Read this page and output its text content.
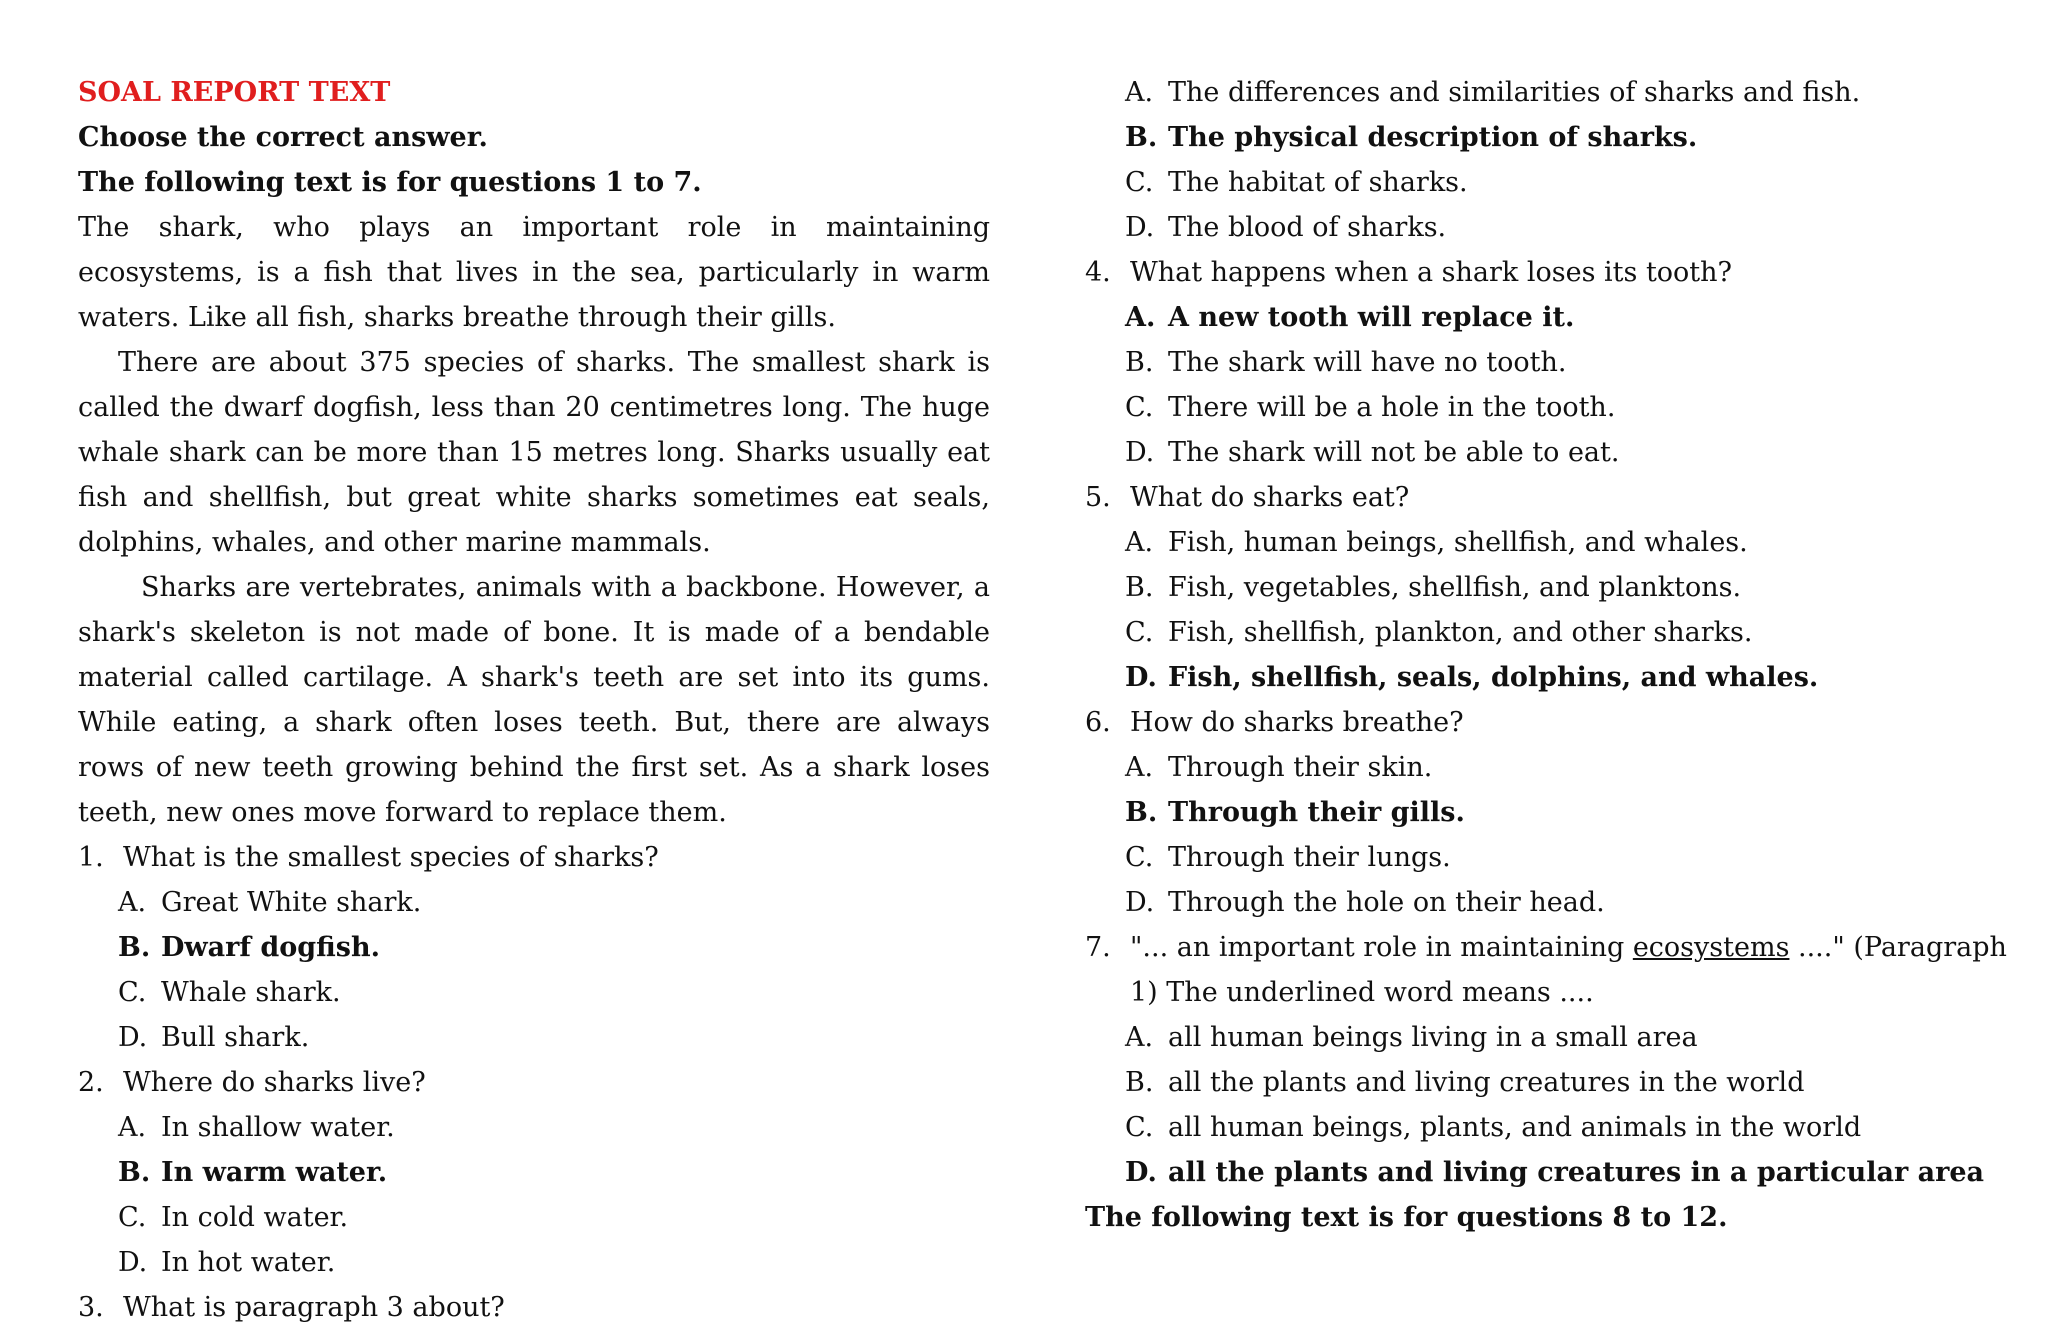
SOAL REPORT TEXT
Choose the correct answer.
The following text is for questions 1 to 7.

The shark, who plays an important role in maintaining ecosystems, is a fish that lives in the sea, particularly in warm waters. Like all fish, sharks breathe through their gills.

There are about 375 species of sharks. The smallest shark is called the dwarf dogfish, less than 20 centimetres long. The huge whale shark can be more than 15 metres long. Sharks usually eat fish and shellfish, but great white sharks sometimes eat seals, dolphins, whales, and other marine mammals.

Sharks are vertebrates, animals with a backbone. However, a shark's skeleton is not made of bone. It is made of a bendable material called cartilage. A shark's teeth are set into its gums. While eating, a shark often loses teeth. But, there are always rows of new teeth growing behind the first set. As a shark loses teeth, new ones move forward to replace them.

1. What is the smallest species of sharks?
A. Great White shark.
B. Dwarf dogfish.
C. Whale shark.
D. Bull shark.
2. Where do sharks live?
A. In shallow water.
B. In warm water.
C. In cold water.
D. In hot water.
3. What is paragraph 3 about?
A. The differences and similarities of sharks and fish.
B. The physical description of sharks.
C. The habitat of sharks.
D. The blood of sharks.
4. What happens when a shark loses its tooth?
A. A new tooth will replace it.
B. The shark will have no tooth.
C. There will be a hole in the tooth.
D. The shark will not be able to eat.
5. What do sharks eat?
A. Fish, human beings, shellfish, and whales.
B. Fish, vegetables, shellfish, and planktons.
C. Fish, shellfish, plankton, and other sharks.
D. Fish, shellfish, seals, dolphins, and whales.
6. How do sharks breathe?
A. Through their skin.
B. Through their gills.
C. Through their lungs.
D. Through the hole on their head.
7. "... an important role in maintaining ecosystems ...." (Paragraph 1) The underlined word means ....
A. all human beings living in a small area
B. all the plants and living creatures in the world
C. all human beings, plants, and animals in the world
D. all the plants and living creatures in a particular area
The following text is for questions 8 to 12.
